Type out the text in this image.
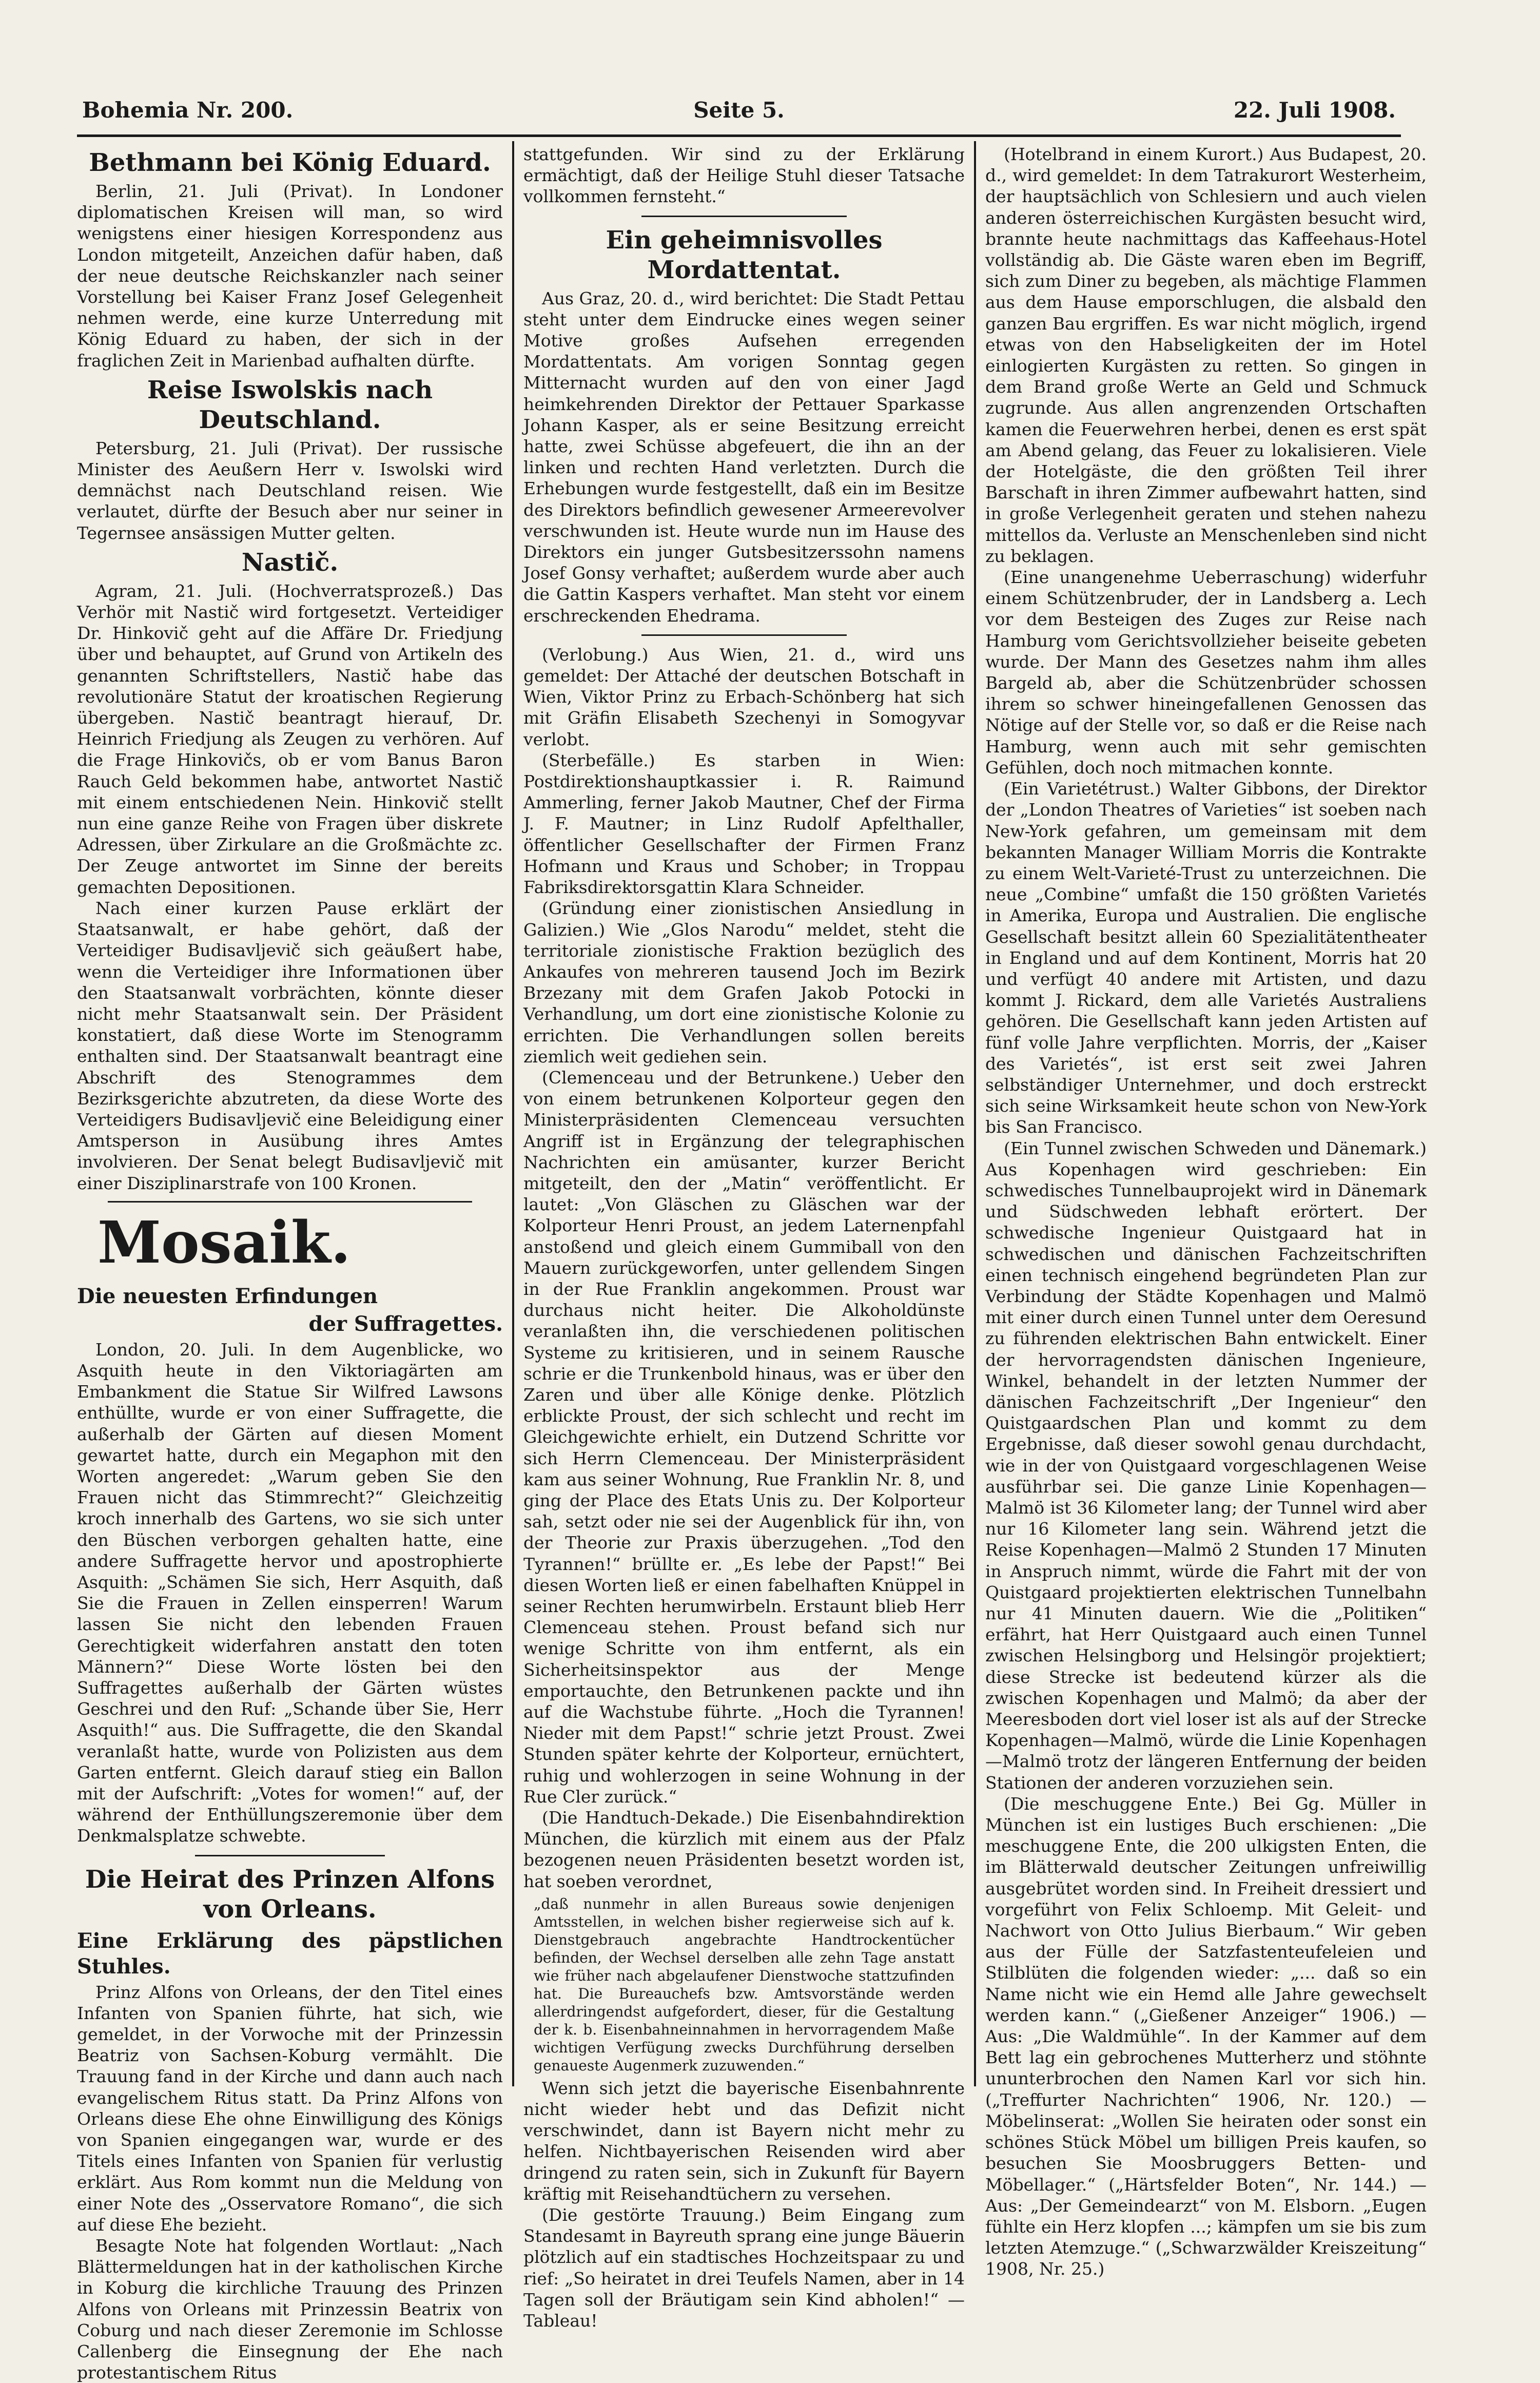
Bohemia Nr. 200.	Seite 5.	22. Juli 1908.
Bethmann bei König Eduard.

Berlin, 21. Juli (Privat). In Londoner diplomatischen Kreisen will man, so wird wenigstens einer hiesigen Korrespondenz aus London mitgeteilt, Anzeichen dafür haben, daß der neue deutsche Reichskanzler nach seiner Vorstellung bei Kaiser Franz Josef Gelegenheit nehmen werde, eine kurze Unterredung mit König Eduard zu haben, der sich in der fraglichen Zeit in Marienbad aufhalten dürfte.

Reise Iswolskis nach Deutschland.

Petersburg, 21. Juli (Privat). Der russische Minister des Aeußern Herr v. Iswolski wird demnächst nach Deutschland reisen. Wie verlautet, dürfte der Besuch aber nur seiner in Tegernsee ansässigen Mutter gelten.

Nastič.

Agram, 21. Juli. (Hochverratsprozeß.) Das Verhör mit Nastič wird fortgesetzt. Verteidiger Dr. Hinkovič geht auf die Affäre Dr. Friedjung über und behauptet, auf Grund von Artikeln des genannten Schriftstellers, Nastič habe das revolutionäre Statut der kroatischen Regierung übergeben. Nastič beantragt hierauf, Dr. Heinrich Friedjung als Zeugen zu verhören. Auf die Frage Hinkovičs, ob er vom Banus Baron Rauch Geld bekommen habe, antwortet Nastič mit einem entschiedenen Nein. Hinkovič stellt nun eine ganze Reihe von Fragen über diskrete Adressen, über Zirkulare an die Großmächte zc. Der Zeuge antwortet im Sinne der bereits gemachten Depositionen.

Nach einer kurzen Pause erklärt der Staatsanwalt, er habe gehört, daß der Verteidiger Budisavljevič sich geäußert habe, wenn die Verteidiger ihre Informationen über den Staatsanwalt vorbrächten, könnte dieser nicht mehr Staatsanwalt sein. Der Präsident konstatiert, daß diese Worte im Stenogramm enthalten sind. Der Staatsanwalt beantragt eine Abschrift des Stenogrammes dem Bezirksgerichte abzutreten, da diese Worte des Verteidigers Budisavljevič eine Beleidigung einer Amtsperson in Ausübung ihres Amtes involvieren. Der Senat belegt Budisavljevič mit einer Disziplinarstrafe von 100 Kronen.

Mosaik.
Die neuesten Erfindungen
der Suffragettes.

London, 20. Juli. In dem Augenblicke, wo Asquith heute in den Viktoriagärten am Embankment die Statue Sir Wilfred Lawsons enthüllte, wurde er von einer Suffragette, die außerhalb der Gärten auf diesen Moment gewartet hatte, durch ein Megaphon mit den Worten angeredet: „Warum geben Sie den Frauen nicht das Stimmrecht?“ Gleichzeitig kroch innerhalb des Gartens, wo sie sich unter den Büschen verborgen gehalten hatte, eine andere Suffragette hervor und apostrophierte Asquith: „Schämen Sie sich, Herr Asquith, daß Sie die Frauen in Zellen einsperren! Warum lassen Sie nicht den lebenden Frauen Gerechtigkeit widerfahren anstatt den toten Männern?“ Diese Worte lösten bei den Suffragettes außerhalb der Gärten wüstes Geschrei und den Ruf: „Schande über Sie, Herr Asquith!“ aus. Die Suffragette, die den Skandal veranlaßt hatte, wurde von Polizisten aus dem Garten entfernt. Gleich darauf stieg ein Ballon mit der Aufschrift: „Votes for women!“ auf, der während der Enthüllungszeremonie über dem Denkmalsplatze schwebte.

Die Heirat des Prinzen Alfons von Orleans.
Eine Erklärung des päpstlichen Stuhles.

Prinz Alfons von Orleans, der den Titel eines Infanten von Spanien führte, hat sich, wie gemeldet, in der Vorwoche mit der Prinzessin Beatriz von Sachsen-Koburg vermählt. Die Trauung fand in der Kirche und dann auch nach evangelischem Ritus statt. Da Prinz Alfons von Orleans diese Ehe ohne Einwilligung des Königs von Spanien eingegangen war, wurde er des Titels eines Infanten von Spanien für verlustig erklärt. Aus Rom kommt nun die Meldung von einer Note des „Osservatore Romano“, die sich auf diese Ehe bezieht.

Besagte Note hat folgenden Wortlaut: „Nach Blättermeldungen hat in der katholischen Kirche in Koburg die kirchliche Trauung des Prinzen Alfons von Orleans mit Prinzessin Beatrix von Coburg und nach dieser Zeremonie im Schlosse Callenberg die Einsegnung der Ehe nach protestantischem Ritus

stattgefunden. Wir sind zu der Erklärung ermächtigt, daß der Heilige Stuhl dieser Tatsache vollkommen fernsteht.“

Ein geheimnisvolles Mordattentat.

Aus Graz, 20. d., wird berichtet: Die Stadt Pettau steht unter dem Eindrucke eines wegen seiner Motive großes Aufsehen erregenden Mordattentats. Am vorigen Sonntag gegen Mitternacht wurden auf den von einer Jagd heimkehrenden Direktor der Pettauer Sparkasse Johann Kasper, als er seine Besitzung erreicht hatte, zwei Schüsse abgefeuert, die ihn an der linken und rechten Hand verletzten. Durch die Erhebungen wurde festgestellt, daß ein im Besitze des Direktors befindlich gewesener Armeerevolver verschwunden ist. Heute wurde nun im Hause des Direktors ein junger Gutsbesitzerssohn namens Josef Gonsy verhaftet; außerdem wurde aber auch die Gattin Kaspers verhaftet. Man steht vor einem erschreckenden Ehedrama.

(Verlobung.) Aus Wien, 21. d., wird uns gemeldet: Der Attaché der deutschen Botschaft in Wien, Viktor Prinz zu Erbach-Schönberg hat sich mit Gräfin Elisabeth Szechenyi in Somogyvar verlobt.

(Sterbefälle.) Es starben in Wien: Postdirektionshauptkassier i. R. Raimund Ammerling, ferner Jakob Mautner, Chef der Firma J. F. Mautner; in Linz Rudolf Apfelthaller, öffentlicher Gesellschafter der Firmen Franz Hofmann und Kraus und Schober; in Troppau Fabriksdirektorsgattin Klara Schneider.

(Gründung einer zionistischen Ansiedlung in Galizien.) Wie „Glos Narodu“ meldet, steht die territoriale zionistische Fraktion bezüglich des Ankaufes von mehreren tausend Joch im Bezirk Brzezany mit dem Grafen Jakob Potocki in Verhandlung, um dort eine zionistische Kolonie zu errichten. Die Verhandlungen sollen bereits ziemlich weit gediehen sein.

(Clemenceau und der Betrunkene.) Ueber den von einem betrunkenen Kolporteur gegen den Ministerpräsidenten Clemenceau versuchten Angriff ist in Ergänzung der telegraphischen Nachrichten ein amüsanter, kurzer Bericht mitgeteilt, den der „Matin“ veröffentlicht. Er lautet: „Von Gläschen zu Gläschen war der Kolporteur Henri Proust, an jedem Laternenpfahl anstoßend und gleich einem Gummiball von den Mauern zurückgeworfen, unter gellendem Singen in der Rue Franklin angekommen. Proust war durchaus nicht heiter. Die Alkoholdünste veranlaßten ihn, die verschiedenen politischen Systeme zu kritisieren, und in seinem Rausche schrie er die Trunkenbold hinaus, was er über den Zaren und über alle Könige denke. Plötzlich erblickte Proust, der sich schlecht und recht im Gleichgewichte erhielt, ein Dutzend Schritte vor sich Herrn Clemenceau. Der Ministerpräsident kam aus seiner Wohnung, Rue Franklin Nr. 8, und ging der Place des Etats Unis zu. Der Kolporteur sah, setzt oder nie sei der Augenblick für ihn, von der Theorie zur Praxis überzugehen. „Tod den Tyrannen!“ brüllte er. „Es lebe der Papst!“ Bei diesen Worten ließ er einen fabelhaften Knüppel in seiner Rechten herumwirbeln. Erstaunt blieb Herr Clemenceau stehen. Proust befand sich nur wenige Schritte von ihm entfernt, als ein Sicherheitsinspektor aus der Menge emportauchte, den Betrunkenen packte und ihn auf die Wachstube führte. „Hoch die Tyrannen! Nieder mit dem Papst!“ schrie jetzt Proust. Zwei Stunden später kehrte der Kolporteur, ernüchtert, ruhig und wohlerzogen in seine Wohnung in der Rue Cler zurück.“

(Die Handtuch-Dekade.) Die Eisenbahndirektion München, die kürzlich mit einem aus der Pfalz bezogenen neuen Präsidenten besetzt worden ist, hat soeben verordnet,

„daß nunmehr in allen Bureaus sowie denjenigen Amtsstellen, in welchen bisher regierweise sich auf k. Dienstgebrauch angebrachte Handtrockentücher befinden, der Wechsel derselben alle zehn Tage anstatt wie früher nach abgelaufener Dienstwoche stattzufinden hat. Die Bureauchefs bzw. Amtsvorstände werden allerdringendst aufgefordert, dieser, für die Gestaltung der k. b. Eisenbahneinnahmen in hervorragendem Maße wichtigen Verfügung zwecks Durchführung derselben genaueste Augenmerk zuzuwenden.“

Wenn sich jetzt die bayerische Eisenbahnrente nicht wieder hebt und das Defizit nicht verschwindet, dann ist Bayern nicht mehr zu helfen. Nichtbayerischen Reisenden wird aber dringend zu raten sein, sich in Zukunft für Bayern kräftig mit Reisehandtüchern zu versehen.

(Die gestörte Trauung.) Beim Eingang zum Standesamt in Bayreuth sprang eine junge Bäuerin plötzlich auf ein stadtisches Hochzeitspaar zu und rief: „So heiratet in drei Teufels Namen, aber in 14 Tagen soll der Bräutigam sein Kind abholen!“ — Tableau!

(Hotelbrand in einem Kurort.) Aus Budapest, 20. d., wird gemeldet: In dem Tatrakurort Westerheim, der hauptsächlich von Schlesiern und auch vielen anderen österreichischen Kurgästen besucht wird, brannte heute nachmittags das Kaffeehaus-Hotel vollständig ab. Die Gäste waren eben im Begriff, sich zum Diner zu begeben, als mächtige Flammen aus dem Hause emporschlugen, die alsbald den ganzen Bau ergriffen. Es war nicht möglich, irgend etwas von den Habseligkeiten der im Hotel einlogierten Kurgästen zu retten. So gingen in dem Brand große Werte an Geld und Schmuck zugrunde. Aus allen angrenzenden Ortschaften kamen die Feuerwehren herbei, denen es erst spät am Abend gelang, das Feuer zu lokalisieren. Viele der Hotelgäste, die den größten Teil ihrer Barschaft in ihren Zimmer aufbewahrt hatten, sind in große Verlegenheit geraten und stehen nahezu mittellos da. Verluste an Menschenleben sind nicht zu beklagen.

(Eine unangenehme Ueberraschung) widerfuhr einem Schützenbruder, der in Landsberg a. Lech vor dem Besteigen des Zuges zur Reise nach Hamburg vom Gerichtsvollzieher beiseite gebeten wurde. Der Mann des Gesetzes nahm ihm alles Bargeld ab, aber die Schützenbrüder schossen ihrem so schwer hineingefallenen Genossen das Nötige auf der Stelle vor, so daß er die Reise nach Hamburg, wenn auch mit sehr gemischten Gefühlen, doch noch mitmachen konnte.

(Ein Varietétrust.) Walter Gibbons, der Direktor der „London Theatres of Varieties“ ist soeben nach New-York gefahren, um gemeinsam mit dem bekannten Manager William Morris die Kontrakte zu einem Welt-Varieté-Trust zu unterzeichnen. Die neue „Combine“ umfaßt die 150 größten Varietés in Amerika, Europa und Australien. Die englische Gesellschaft besitzt allein 60 Spezialitätentheater in England und auf dem Kontinent, Morris hat 20 und verfügt 40 andere mit Artisten, und dazu kommt J. Rickard, dem alle Varietés Australiens gehören. Die Gesellschaft kann jeden Artisten auf fünf volle Jahre verpflichten. Morris, der „Kaiser des Varietés“, ist erst seit zwei Jahren selbständiger Unternehmer, und doch erstreckt sich seine Wirksamkeit heute schon von New-York bis San Francisco.

(Ein Tunnel zwischen Schweden und Dänemark.) Aus Kopenhagen wird geschrieben: Ein schwedisches Tunnelbauprojekt wird in Dänemark und Südschweden lebhaft erörtert. Der schwedische Ingenieur Quistgaard hat in schwedischen und dänischen Fachzeitschriften einen technisch eingehend begründeten Plan zur Verbindung der Städte Kopenhagen und Malmö mit einer durch einen Tunnel unter dem Oeresund zu führenden elektrischen Bahn entwickelt. Einer der hervorragendsten dänischen Ingenieure, Winkel, behandelt in der letzten Nummer der dänischen Fachzeitschrift „Der Ingenieur“ den Quistgaardschen Plan und kommt zu dem Ergebnisse, daß dieser sowohl genau durchdacht, wie in der von Quistgaard vorgeschlagenen Weise ausführbar sei. Die ganze Linie Kopenhagen—Malmö ist 36 Kilometer lang; der Tunnel wird aber nur 16 Kilometer lang sein. Während jetzt die Reise Kopenhagen—Malmö 2 Stunden 17 Minuten in Anspruch nimmt, würde die Fahrt mit der von Quistgaard projektierten elektrischen Tunnelbahn nur 41 Minuten dauern. Wie die „Politiken“ erfährt, hat Herr Quistgaard auch einen Tunnel zwischen Helsingborg und Helsingör projektiert; diese Strecke ist bedeutend kürzer als die zwischen Kopenhagen und Malmö; da aber der Meeresboden dort viel loser ist als auf der Strecke Kopenhagen—Malmö, würde die Linie Kopenhagen—Malmö trotz der längeren Entfernung der beiden Stationen der anderen vorzuziehen sein.

(Die meschuggene Ente.) Bei Gg. Müller in München ist ein lustiges Buch erschienen: „Die meschuggene Ente, die 200 ulkigsten Enten, die im Blätterwald deutscher Zeitungen unfreiwillig ausgebrütet worden sind. In Freiheit dressiert und vorgeführt von Felix Schloemp. Mit Geleit- und Nachwort von Otto Julius Bierbaum.“ Wir geben aus der Fülle der Satzfastenteufeleien und Stilblüten die folgenden wieder: „... daß so ein Name nicht wie ein Hemd alle Jahre gewechselt werden kann.“ („Gießener Anzeiger“ 1906.) — Aus: „Die Waldmühle“. In der Kammer auf dem Bett lag ein gebrochenes Mutterherz und stöhnte ununterbrochen den Namen Karl vor sich hin. („Treffurter Nachrichten“ 1906, Nr. 120.) — Möbelinserat: „Wollen Sie heiraten oder sonst ein schönes Stück Möbel um billigen Preis kaufen, so besuchen Sie Moosbruggers Betten- und Möbellager.“ („Härtsfelder Boten“, Nr. 144.) — Aus: „Der Gemeindearzt“ von M. Elsborn. „Eugen fühlte ein Herz klopfen ...; kämpfen um sie bis zum letzten Atemzuge.“ („Schwarzwälder Kreiszeitung“ 1908, Nr. 25.)
